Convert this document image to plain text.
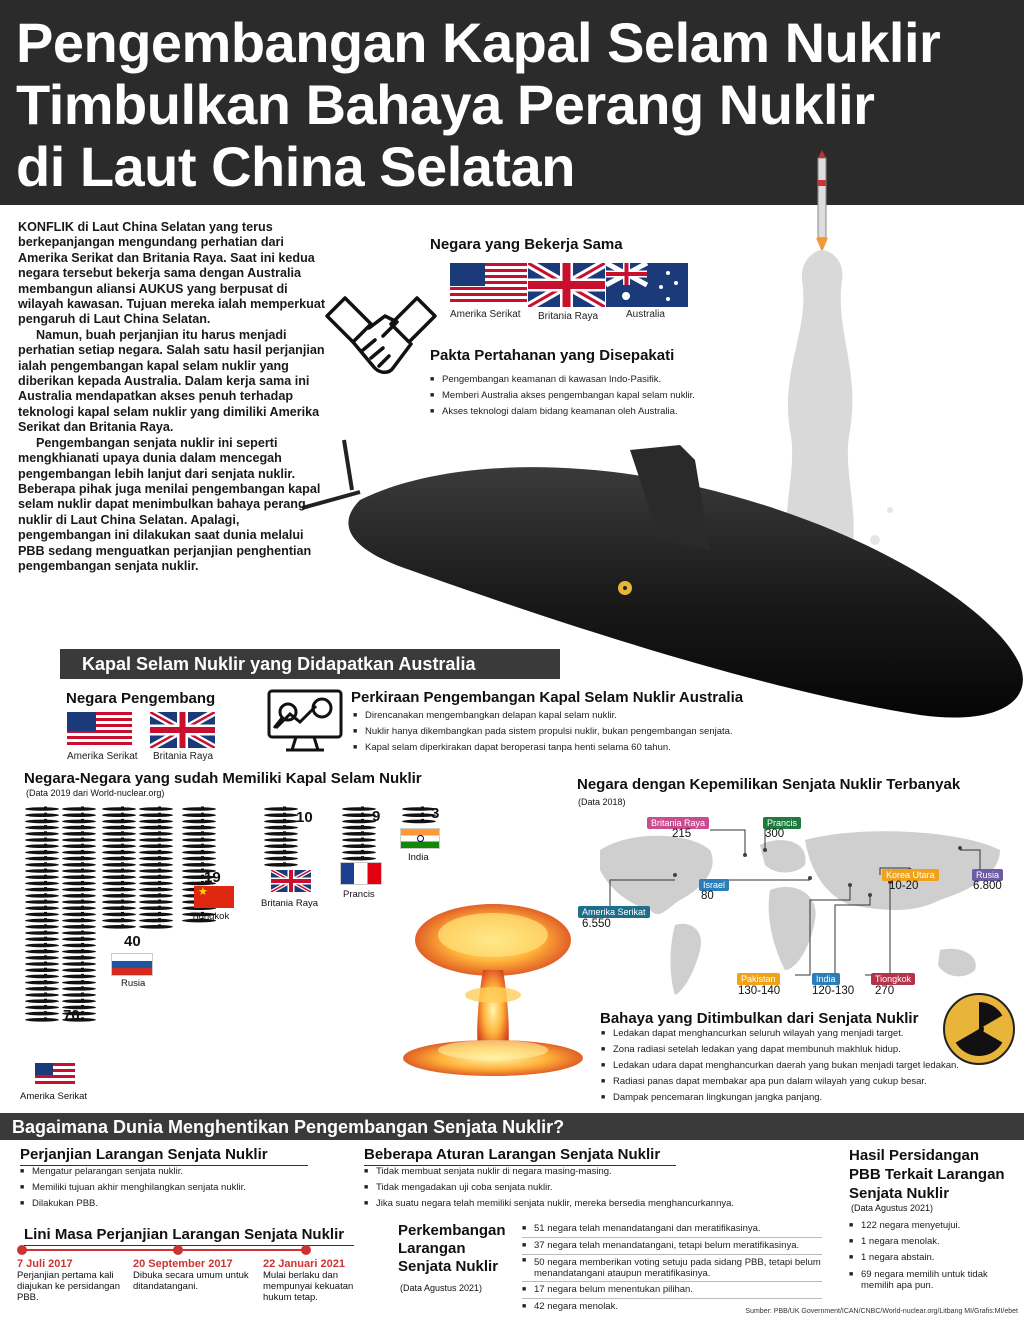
Pengembangan Kapal Selam Nuklir
Timbulkan Bahaya Perang Nuklir
di Laut China Selatan

KONFLIK di Laut China Selatan yang terus berkepanjangan mengundang perhatian dari Amerika Serikat dan Britania Raya. Saat ini kedua negara tersebut bekerja sama dengan Australia membangun aliansi AUKUS yang berpusat di wilayah kawasan. Tujuan mereka ialah memperkuat pengaruh di Laut China Selatan.

Namun, buah perjanjian itu harus menjadi perhatian setiap negara. Salah satu hasil perjanjian ialah pengembangan kapal selam nuklir yang diberikan kepada Australia. Dalam kerja sama ini Australia mendapatkan akses penuh terhadap teknologi kapal selam nuklir yang dimiliki Amerika Serikat dan Britania Raya.

Pengembangan senjata nuklir ini seperti mengkhianati upaya dunia dalam mencegah pengembangan lebih lanjut dari senjata nuklir. Beberapa pihak juga menilai pengembangan kapal selam nuklir dapat menimbulkan bahaya perang nuklir di Laut China Selatan. Apalagi, pengembangan ini dilakukan saat dunia melalui PBB sedang menguatkan perjanjian penghentian pengembangan senjata nuklir.

Negara yang Bekerja Sama
Amerika Serikat Britania Raya	Australia
Pakta Pertahanan yang Disepakati
■ Pengembangan keamanan di kawasan Indo-Pasifik.
■ Memberi Australia akses pengembangan kapal selam nuklir.
■ Akses teknologi dalam bidang keamanan oleh Australia.
Kapal Selam Nuklir yang Didapatkan Australia
Negara Pengembang
Amerika Serikat Britania Raya
Perkiraan Pengembangan Kapal Selam Nuklir Australia
■ Direncanakan mengembangkan delapan kapal selam nuklir.
■ Nuklir hanya dikembangkan pada sistem propulsi nuklir, bukan pengembangan senjata.
■ Kapal selam diperkirakan dapat beroperasi tanpa henti selama 60 tahun.
Negara-Negara yang sudah Memiliki Kapal Selam Nuklir
(Data 2019 dari World-nuclear.org)
70
Amerika Serikat
40
Rusia
19
★
Tiongkok
10
Britania Raya
9
Prancis
3
India
Negara dengan Kepemilikan Senjata Nuklir Terbanyak
(Data 2018)
Britania Raya
215
Prancis
300
Israel
80
Korea Utara
10-20
Rusia
6.800
Amerika Serikat
6.550
Pakistan
130-140
India
120-130
Tiongkok
270
Bahaya yang Ditimbulkan dari Senjata Nuklir
■ Ledakan dapat menghancurkan seluruh wilayah yang menjadi target.
■ Zona radiasi setelah ledakan yang dapat membunuh makhluk hidup.
■ Ledakan udara dapat menghancurkan daerah yang bukan menjadi target ledakan.
■ Radiasi panas dapat membakar apa pun dalam wilayah yang cukup besar.
■ Dampak pencemaran lingkungan jangka panjang.
Bagaimana Dunia Menghentikan Pengembangan Senjata Nuklir?
Perjanjian Larangan Senjata Nuklir
■ Mengatur pelarangan senjata nuklir.
■ Memiliki tujuan akhir menghilangkan senjata nuklir.
■ Dilakukan PBB.
Beberapa Aturan Larangan Senjata Nuklir
■ Tidak membuat senjata nuklir di negara masing-masing.
■ Tidak mengadakan uji coba senjata nuklir.
■ Jika suatu negara telah memiliki senjata nuklir, mereka bersedia menghancurkannya.
Hasil Persidangan
PBB Terkait Larangan
Senjata Nuklir
(Data Agustus 2021)
■ 122 negara menyetujui.
■ 1 negara menolak.
■ 1 negara abstain.
■ 69 negara memilih untuk tidak memilih apa pun.
Lini Masa Perjanjian Larangan Senjata Nuklir
7 Juli 2017
Perjanjian pertama kali diajukan ke persidangan PBB.
20 September 2017
Dibuka secara umum untuk ditandatangani.
22 Januari 2021
Mulai berlaku dan mempunyai kekuatan hukum tetap.
Perkembangan
Larangan
Senjata Nuklir
(Data Agustus 2021)
■ 51 negara telah menandatangani dan meratifikasinya.
■ 37 negara telah menandatangani, tetapi belum meratifikasinya.
■ 50 negara memberikan voting setuju pada sidang PBB, tetapi belum menandatangani ataupun meratifikasinya.
■ 17 negara belum menentukan pilihan.
■ 42 negara menolak.	Sumber: PBB/UK Government/ICAN/CNBC/World-nuclear.org/Litbang MI/Grafis:MI/ebet
